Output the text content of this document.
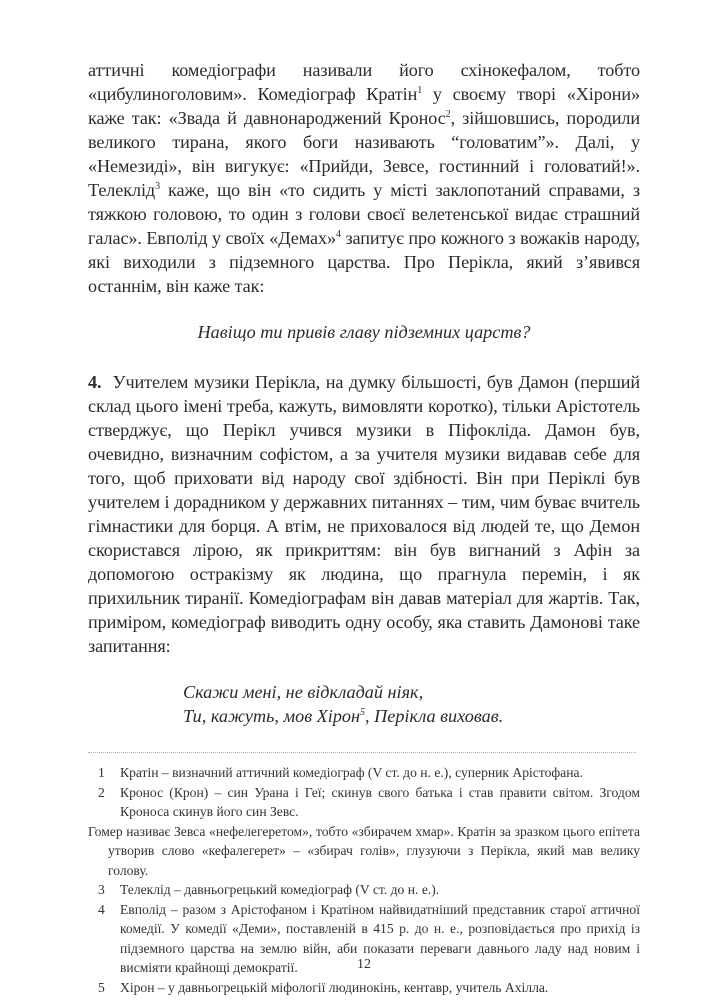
аттичні комедіографи називали його схінокефалом, тобто «цибулиноголовим». Комедіограф Кратін$^1$ у своєму творі «Хірони» каже так: «Звада й давнонароджений Кронос$^2$, зійшовшись, породили великого тирана, якого боги називають “головатим”». Далі, у «Немезиді», він вигукує: «Прийди, Зевсе, гостинний і головатий!». Телеклід$^3$ каже, що він «то сидить у місті заклопотаний справами, з тяжкою головою, то один з голови своєї велетенської видає страшний галас». Евполід у своїх «Демах»$^4$ запитує про кожного з вожаків народу, які виходили з підземного царства. Про Перікла, який з’явився останнім, він каже так:

Навіщо ти привів главу підземних царств?

4. Учителем музики Перікла, на думку більшості, був Дамон (перший склад цього імені треба, кажуть, вимовляти коротко), тільки Арістотель стверджує, що Перікл учився музики в Піфокліда. Дамон був, очевидно, визначним софістом, а за учителя музики видавав себе для того, щоб приховати від народу свої здібності. Він при Періклі був учителем і дорадником у державних питаннях – тим, чим буває вчитель гімнастики для борця. А втім, не приховалося від людей те, що Демон скористався лірою, як прикриттям: він був вигнаний з Афін за допомогою остракізму як людина, що прагнула перемін, і як прихильник тиранії. Комедіографам він давав матеріал для жартів. Так, приміром, комедіограф виводить одну особу, яка ставить Дамонові таке запитання:

Скажи мені, не відкладай ніяк,
Ти, кажуть, мов Хірон$^5$, Перікла виховав.
1	Кратін – визначний аттичний комедіограф (V ст. до н. е.), суперник Арістофана.
2	Кронос (Крон) – син Урана і Геї; скинув свого батька і став правити світом. Згодом Кроноса скинув його син Зевс.
Гомер називає Зевса «нефелегеретом», тобто «збирачем хмар». Кратін за зразком цього епітета утворив слово «кефалегерет» – «збирач голів», глузуючи з Перікла, який мав велику голову.
3	Телеклід – давньогрецький комедіограф (V ст. до н. е.).
4	Евполід – разом з Арістофаном і Кратіном найвидатніший представник старої аттичної комедії. У комедії «Деми», поставленій в 415 р. до н. е., розповідається про прихід із підземного царства на землю війн, аби показати переваги давнього ладу над новим і висміяти крайнощі демократії.
5	Хірон – у давньогрецькій міфології людинокінь, кентавр, учитель Ахілла.
12
